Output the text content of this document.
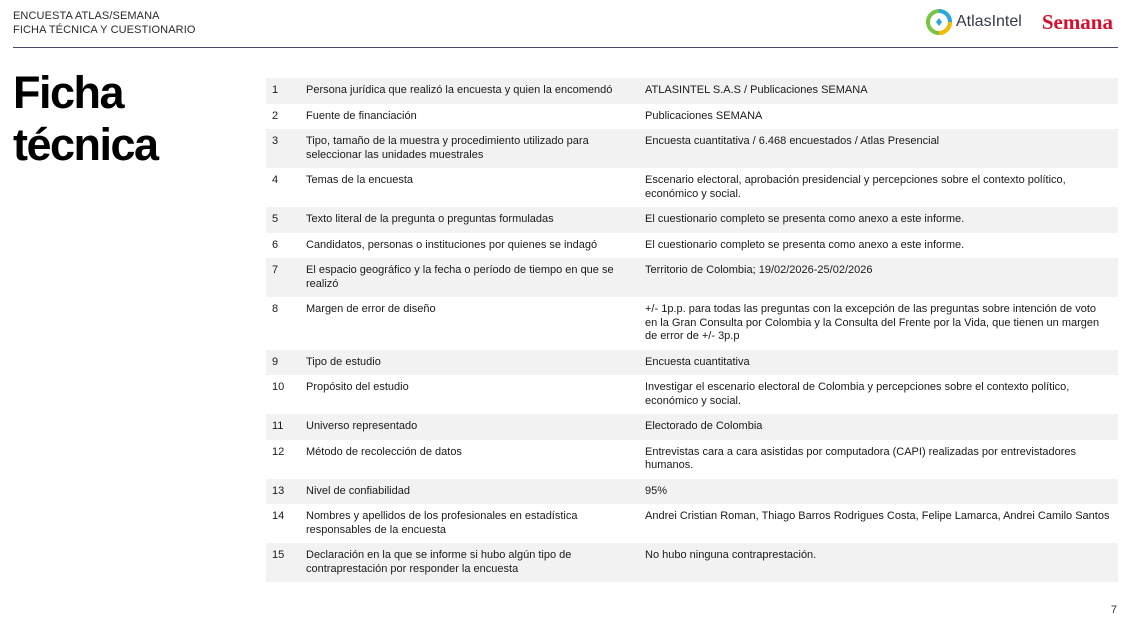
ENCUESTA ATLAS/SEMANA
FICHA TÉCNICA Y CUESTIONARIO	AtlasIntel Semana
Ficha
técnica
1	Persona jurídica que realizó la encuesta y quien la encomendó	ATLASINTEL S.A.S / Publicaciones SEMANA
2	Fuente de financiación	Publicaciones SEMANA
3	Tipo, tamaño de la muestra y procedimiento utilizado para seleccionar las unidades muestrales	Encuesta cuantitativa / 6.468 encuestados / Atlas Presencial
4	Temas de la encuesta	Escenario electoral, aprobación presidencial y percepciones sobre el contexto político, económico y social.
5	Texto literal de la pregunta o preguntas formuladas	El cuestionario completo se presenta como anexo a este informe.
6	Candidatos, personas o instituciones por quienes se indagó	El cuestionario completo se presenta como anexo a este informe.
7	El espacio geográfico y la fecha o período de tiempo en que se realizó	Territorio de Colombia; 19/02/2026-25/02/2026
8	Margen de error de diseño	+/- 1p.p. para todas las preguntas con la excepción de las preguntas sobre intención de voto en la Gran Consulta por Colombia y la Consulta del Frente por la Vida, que tienen un margen de error de +/- 3p.p
9	Tipo de estudio	Encuesta cuantitativa
10	Propósito del estudio	Investigar el escenario electoral de Colombia y percepciones sobre el contexto político, económico y social.
11	Universo representado	Electorado de Colombia
12	Método de recolección de datos	Entrevistas cara a cara asistidas por computadora (CAPI) realizadas por entrevistadores humanos.
13	Nivel de confiabilidad	95%
14	Nombres y apellidos de los profesionales en estadística responsables de la encuesta	Andrei Cristian Roman, Thiago Barros Rodrigues Costa, Felipe Lamarca, Andrei Camilo Santos
15	Declaración en la que se informe si hubo algún tipo de contraprestación por responder la encuesta	No hubo ninguna contraprestación.
7
